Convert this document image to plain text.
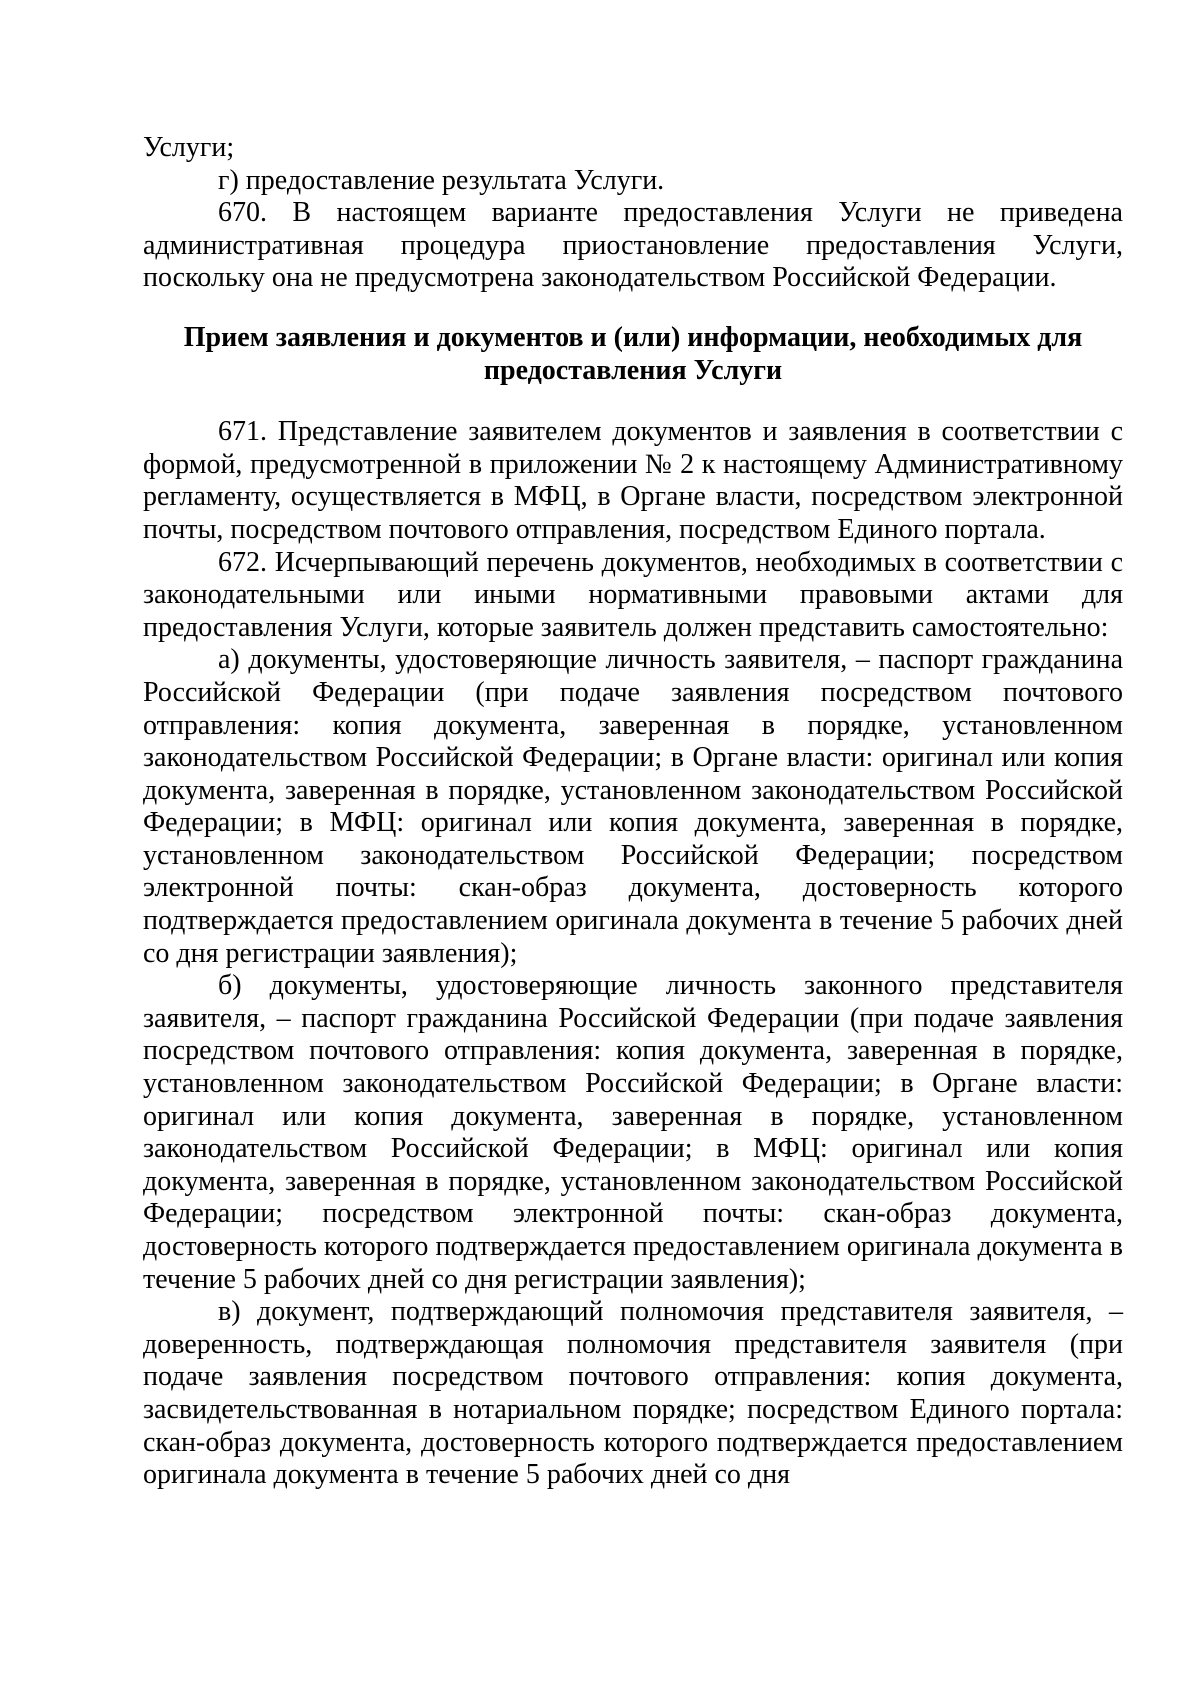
Услуги;

г) предоставление результата Услуги.

670. В настоящем варианте предоставления Услуги не приведена административная процедура приостановление предоставления Услуги, поскольку она не предусмотрена законодательством Российской Федерации.

Прием заявления и документов и (или) информации, необходимых для предоставления Услуги

671. Представление заявителем документов и заявления в соответствии с формой, предусмотренной в приложении № 2 к настоящему Административному регламенту, осуществляется в МФЦ, в Органе власти, посредством электронной почты, посредством почтового отправления, посредством Единого портала.

672. Исчерпывающий перечень документов, необходимых в соответствии с законодательными или иными нормативными правовыми актами для предоставления Услуги, которые заявитель должен представить самостоятельно:

а) документы, удостоверяющие личность заявителя, – паспорт гражданина Российской Федерации (при подаче заявления посредством почтового отправления: копия документа, заверенная в порядке, установленном законодательством Российской Федерации; в Органе власти: оригинал или копия документа, заверенная в порядке, установленном законодательством Российской Федерации; в МФЦ: оригинал или копия документа, заверенная в порядке, установленном законодательством Российской Федерации; посредством электронной почты: скан-образ документа, достоверность которого подтверждается предоставлением оригинала документа в течение 5 рабочих дней со дня регистрации заявления);

б) документы, удостоверяющие личность законного представителя заявителя, – паспорт гражданина Российской Федерации (при подаче заявления посредством почтового отправления: копия документа, заверенная в порядке, установленном законодательством Российской Федерации; в Органе власти: оригинал или копия документа, заверенная в порядке, установленном законодательством Российской Федерации; в МФЦ: оригинал или копия документа, заверенная в порядке, установленном законодательством Российской Федерации; посредством электронной почты: скан-образ документа, достоверность которого подтверждается предоставлением оригинала документа в течение 5 рабочих дней со дня регистрации заявления);

в) документ, подтверждающий полномочия представителя заявителя, – доверенность, подтверждающая полномочия представителя заявителя (при подаче заявления посредством почтового отправления: копия документа, засвидетельствованная в нотариальном порядке; посредством Единого портала: скан-образ документа, достоверность которого подтверждается предоставлением оригинала документа в течение 5 рабочих дней со дня
